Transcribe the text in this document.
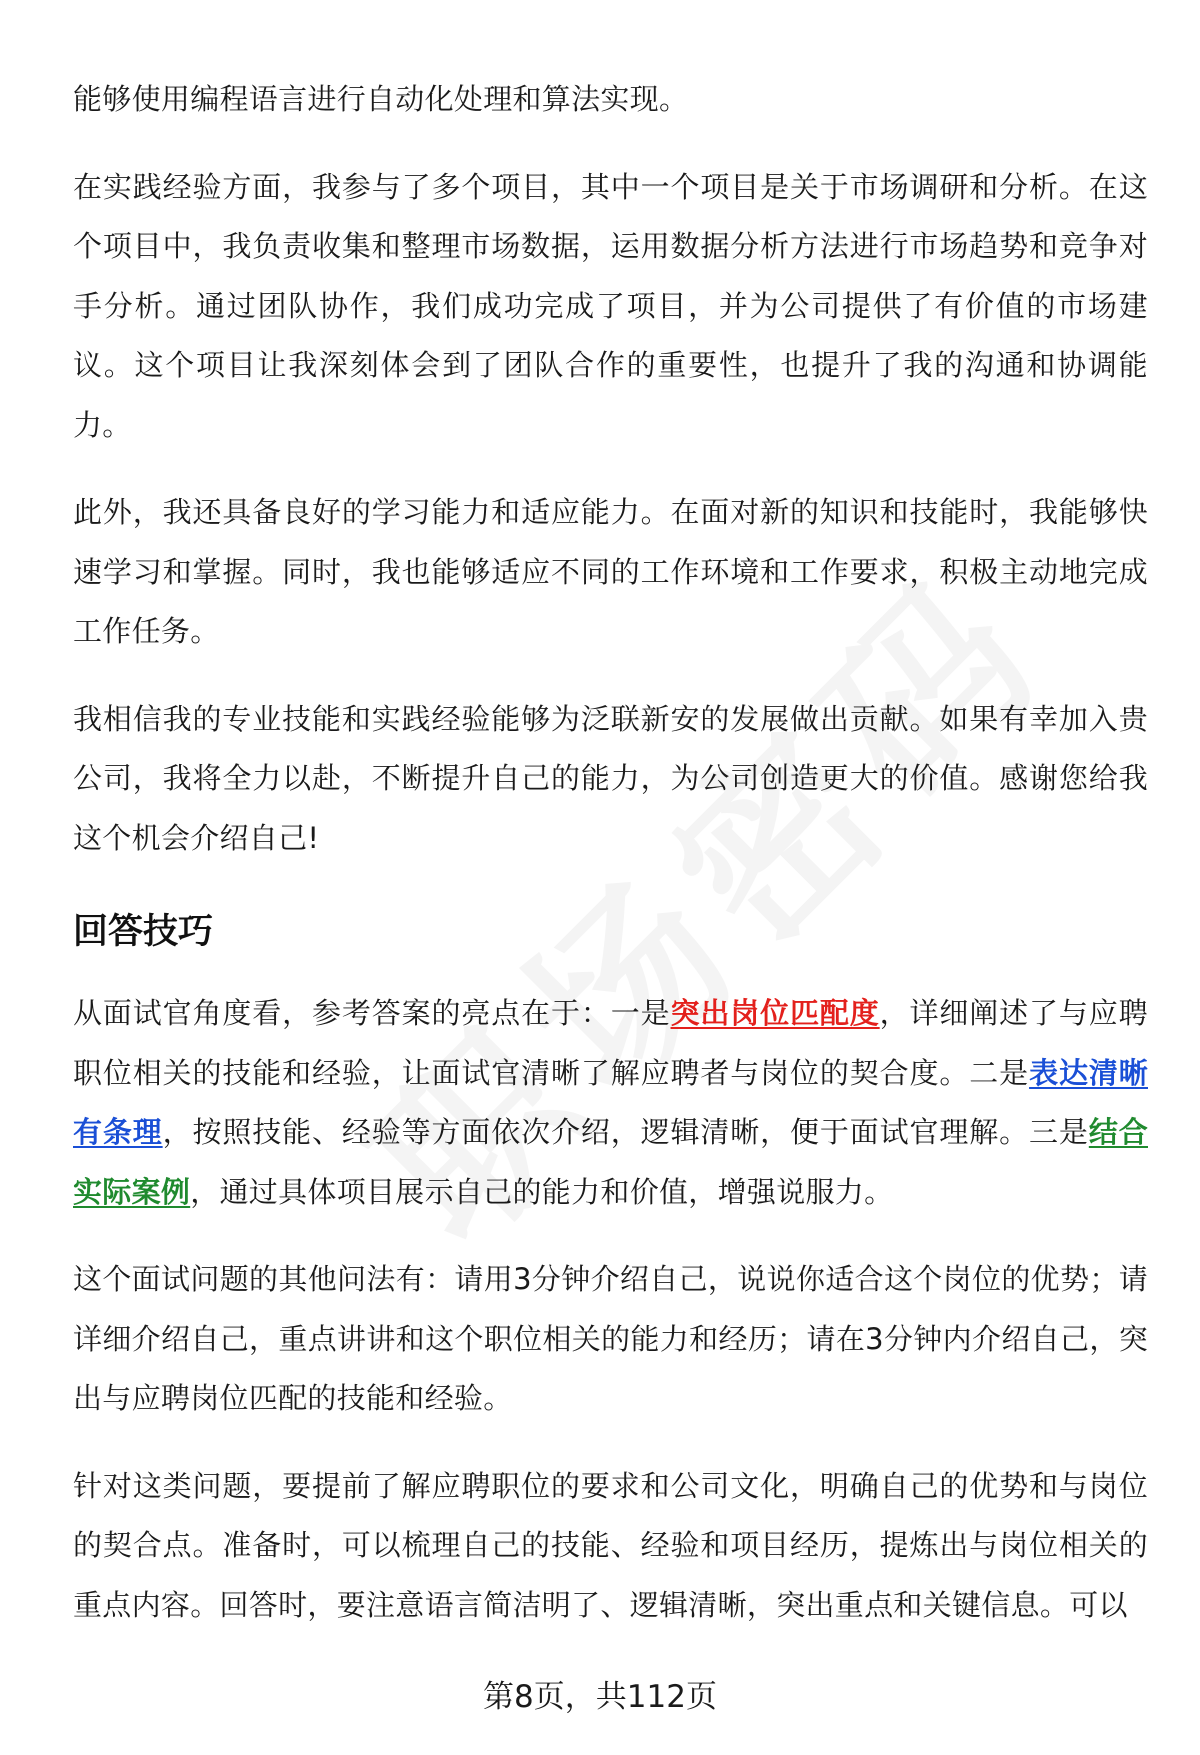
能够使用编程语言进行自动化处理和算法实现。

在实践经验方面，我参与了多个项目，其中一个项目是关于市场调研和分析。在这个项目中，我负责收集和整理市场数据，运用数据分析方法进行市场趋势和竞争对手分析。通过团队协作，我们成功完成了项目，并为公司提供了有价值的市场建议。这个项目让我深刻体会到了团队合作的重要性，也提升了我的沟通和协调能力。

此外，我还具备良好的学习能力和适应能力。在面对新的知识和技能时，我能够快速学习和掌握。同时，我也能够适应不同的工作环境和工作要求，积极主动地完成工作任务。

我相信我的专业技能和实践经验能够为泛联新安的发展做出贡献。如果有幸加入贵公司，我将全力以赴，不断提升自己的能力，为公司创造更大的价值。感谢您给我这个机会介绍自己!

回答技巧

从面试官角度看，参考答案的亮点在于：一是突出岗位匹配度，详细阐述了与应聘职位相关的技能和经验，让面试官清晰了解应聘者与岗位的契合度。二是表达清晰有条理，按照技能、经验等方面依次介绍，逻辑清晰，便于面试官理解。三是结合实际案例，通过具体项目展示自己的能力和价值，增强说服力。

这个面试问题的其他问法有：请用3分钟介绍自己，说说你适合这个岗位的优势；请详细介绍自己，重点讲讲和这个职位相关的能力和经历；请在3分钟内介绍自己，突出与应聘岗位匹配的技能和经验。

针对这类问题，要提前了解应聘职位的要求和公司文化，明确自己的优势和与岗位的契合点。准备时，可以梳理自己的技能、经验和项目经历，提炼出与岗位相关的重点内容。回答时，要注意语言简洁明了、逻辑清晰，突出重点和关键信息。可以

第8页，共112页
